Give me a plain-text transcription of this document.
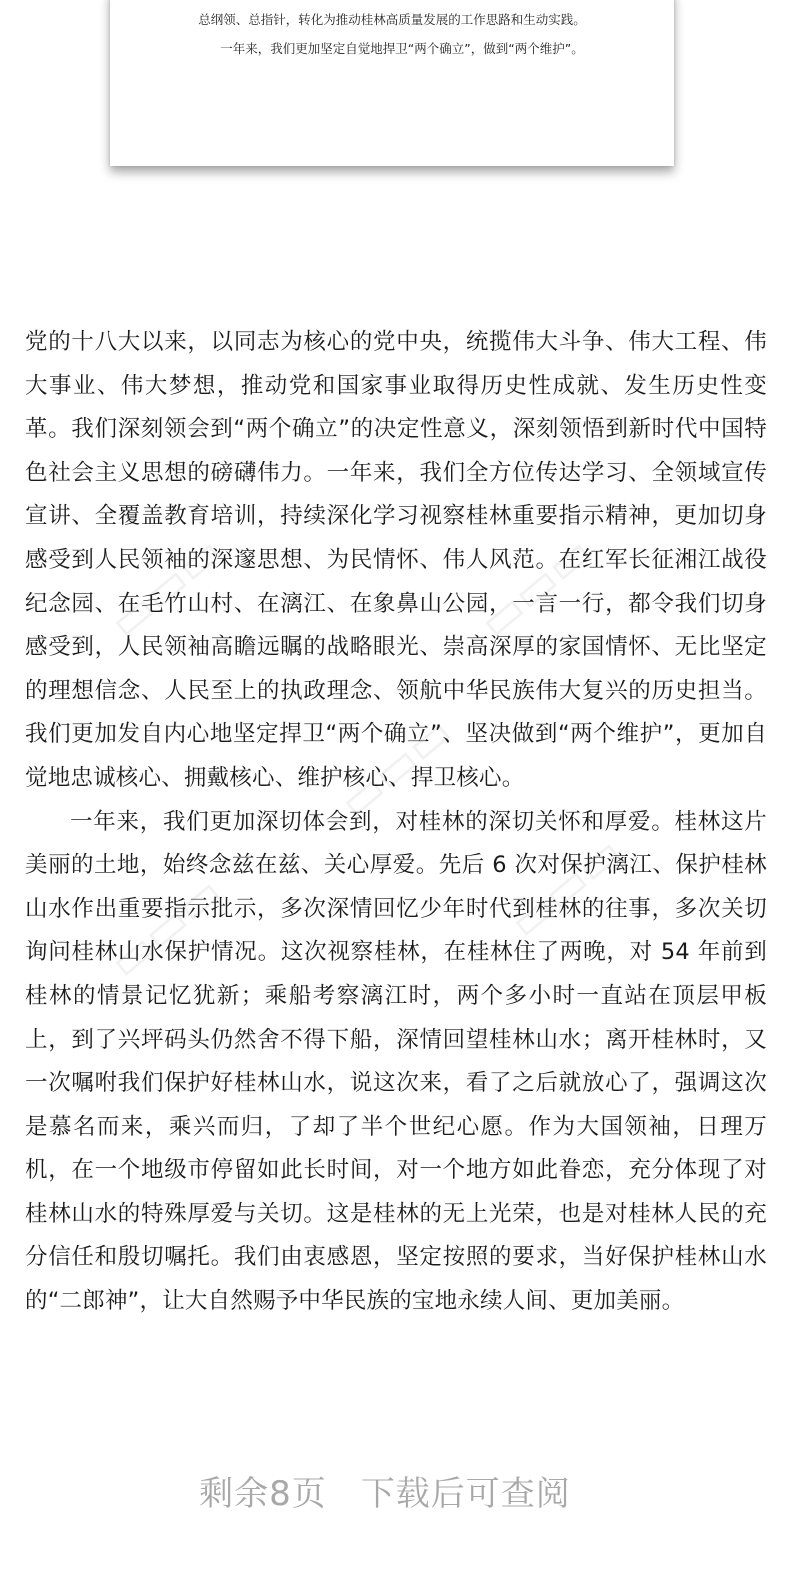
总纲领、总指针，转化为推动桂林高质量发展的工作思路和生动实践。
一年来，我们更加坚定自觉地捍卫“两个确立”，做到“两个维护”。
▭▭▭	▭▭▭
▭▭▭
▭▭▭	▭▭▭

党的十八大以来，以同志为核心的党中央，统揽伟大斗争、伟大工程、伟大事业、伟大梦想，推动党和国家事业取得历史性成就、发生历史性变革。我们深刻领会到“两个确立”的决定性意义，深刻领悟到新时代中国特色社会主义思想的磅礴伟力。一年来，我们全方位传达学习、全领域宣传宣讲、全覆盖教育培训，持续深化学习视察桂林重要指示精神，更加切身感受到人民领袖的深邃思想、为民情怀、伟人风范。在红军长征湘江战役纪念园、在毛竹山村、在漓江、在象鼻山公园，一言一行，都令我们切身感受到，人民领袖高瞻远瞩的战略眼光、崇高深厚的家国情怀、无比坚定的理想信念、人民至上的执政理念、领航中华民族伟大复兴的历史担当。我们更加发自内心地坚定捍卫“两个确立”、坚决做到“两个维护”，更加自觉地忠诚核心、拥戴核心、维护核心、捍卫核心。

一年来，我们更加深切体会到，对桂林的深切关怀和厚爱。桂林这片美丽的土地，始终念兹在兹、关心厚爱。先后 6 次对保护漓江、保护桂林山水作出重要指示批示，多次深情回忆少年时代到桂林的往事，多次关切询问桂林山水保护情况。这次视察桂林，在桂林住了两晚，对 54 年前到桂林的情景记忆犹新；乘船考察漓江时，两个多小时一直站在顶层甲板上，到了兴坪码头仍然舍不得下船，深情回望桂林山水；离开桂林时，又一次嘱咐我们保护好桂林山水，说这次来，看了之后就放心了，强调这次是慕名而来，乘兴而归，了却了半个世纪心愿。作为大国领袖，日理万机，在一个地级市停留如此长时间，对一个地方如此眷恋，充分体现了对桂林山水的特殊厚爱与关切。这是桂林的无上光荣，也是对桂林人民的充分信任和殷切嘱托。我们由衷感恩，坚定按照的要求，当好保护桂林山水的“二郎神”，让大自然赐予中华民族的宝地永续人间、更加美丽。

剩余8页 下载后可查阅
